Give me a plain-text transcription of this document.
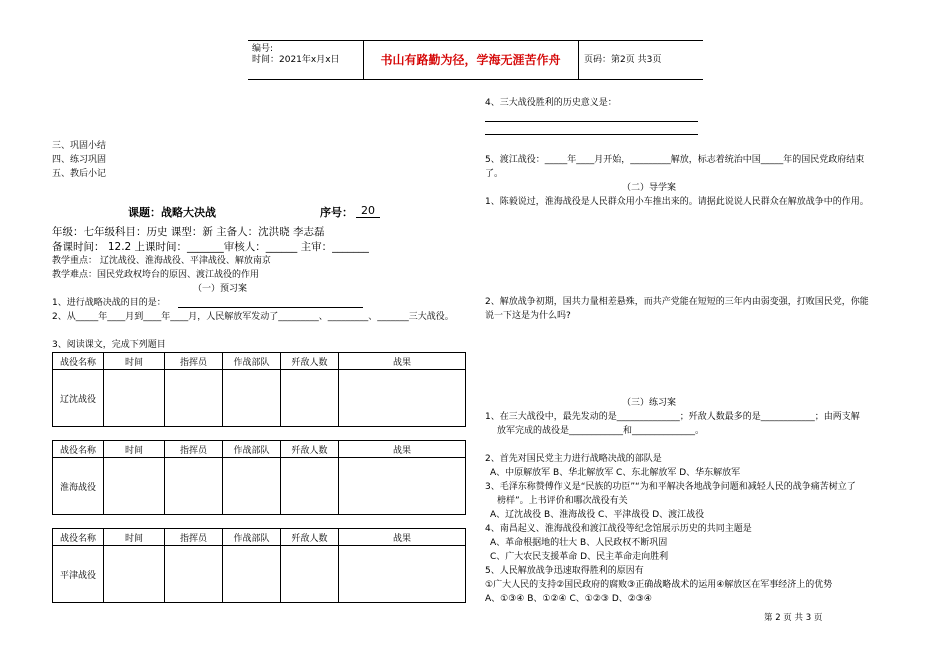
编号:
时间：2021年x月x日	书山有路勤为径，学海无涯苦作舟	页码：第2页 共3页
三、巩固小结
四、练习巩固
五、教后小记
课题：战略大决战	序号： 20
年级：七年级科目：历史 课型：新 主备人：沈洪晓 李志磊
备课时间： 12.2 上课时间：_______审核人：______ 主审：_______
教学重点： 辽沈战役、淮海战役、平津战役、解放南京
教学难点：国民党政权垮台的原因、渡江战役的作用
（一）预习案
1、进行战略决战的目的是：
2、从_____年____月到____年____月，人民解放军发动了_________、_________、_______三大战役。
3、阅读课文，完成下列题目
战役名称	时间	指挥员	作战部队	歼敌人数	战果
辽沈战役					
战役名称	时间	指挥员	作战部队	歼敌人数	战果
淮海战役					
战役名称	时间	指挥员	作战部队	歼敌人数	战果
平津战役					
4、三大战役胜利的历史意义是：
5、渡江战役：_____年____月开始，_________解放，标志着统治中国_____年的国民党政府结束
了。
（二）导学案
1、陈毅说过，淮海战役是人民群众用小车推出来的。请据此说说人民群众在解放战争中的作用。
2、解放战争初期，国共力量相差悬殊，而共产党能在短短的三年内由弱变强，打败国民党，你能
说一下这是为什么吗?
（三）练习案
1、在三大战役中，最先发动的是______________；歼敌人数最多的是____________；由两支解
放军完成的战役是____________和______________。
2、首先对国民党主力进行战略决战的部队是
A、中原解放军 B、华北解放军 C、东北解放军 D、华东解放军
3、毛泽东称赞傅作义是“民族的功臣”“为和平解决各地战争问题和减轻人民的战争痛苦树立了
榜样”。上书评价和哪次战役有关
A、辽沈战役 B、淮海战役 C、平津战役 D、渡江战役
4、南昌起义、淮海战役和渡江战役等纪念馆展示历史的共同主题是
A、革命根据地的壮大 B、人民政权不断巩固
C、广大农民支援革命 D、民主革命走向胜利
5、人民解放战争迅速取得胜利的原因有
①广大人民的支持②国民政府的腐败③正确战略战术的运用④解放区在军事经济上的优势
A、①③④ B、①②④ C、①②③ D、②③④
第 2 页 共 3 页
